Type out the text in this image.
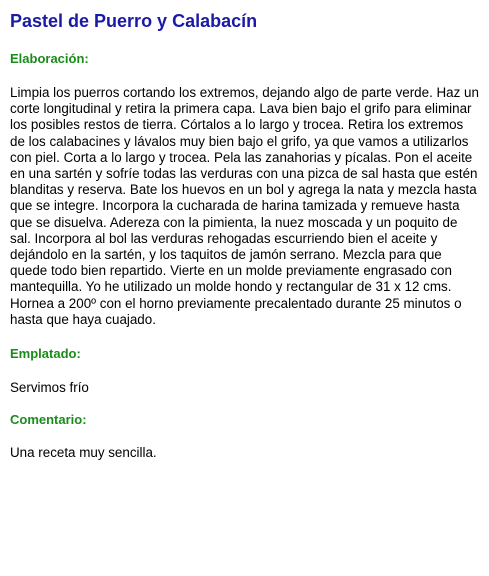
Pastel de Puerro y Calabacín
Elaboración:

Limpia los puerros cortando los extremos, dejando algo de parte verde. Haz un corte longitudinal y retira la primera capa. Lava bien bajo el grifo para eliminar los posibles restos de tierra. Córtalos a lo largo y trocea. Retira los extremos de los calabacines y lávalos muy bien bajo el grifo, ya que vamos a utilizarlos con piel. Corta a lo largo y trocea. Pela las zanahorias y pícalas. Pon el aceite en una sartén y sofríe todas las verduras con una pizca de sal hasta que estén blanditas y reserva. Bate los huevos en un bol y agrega la nata y mezcla hasta que se integre. Incorpora la cucharada de harina tamizada y remueve hasta que se disuelva. Adereza con la pimienta, la nuez moscada y un poquito de sal. Incorpora al bol las verduras rehogadas escurriendo bien el aceite y dejándolo en la sartén, y los taquitos de jamón serrano. Mezcla para que quede todo bien repartido. Vierte en un molde previamente engrasado con mantequilla. Yo he utilizado un molde hondo y rectangular de 31 x 12 cms. Hornea a 200º con el horno previamente precalentado durante 25 minutos o hasta que haya cuajado.

Emplatado:

Servimos frío

Comentario:

Una receta muy sencilla.
